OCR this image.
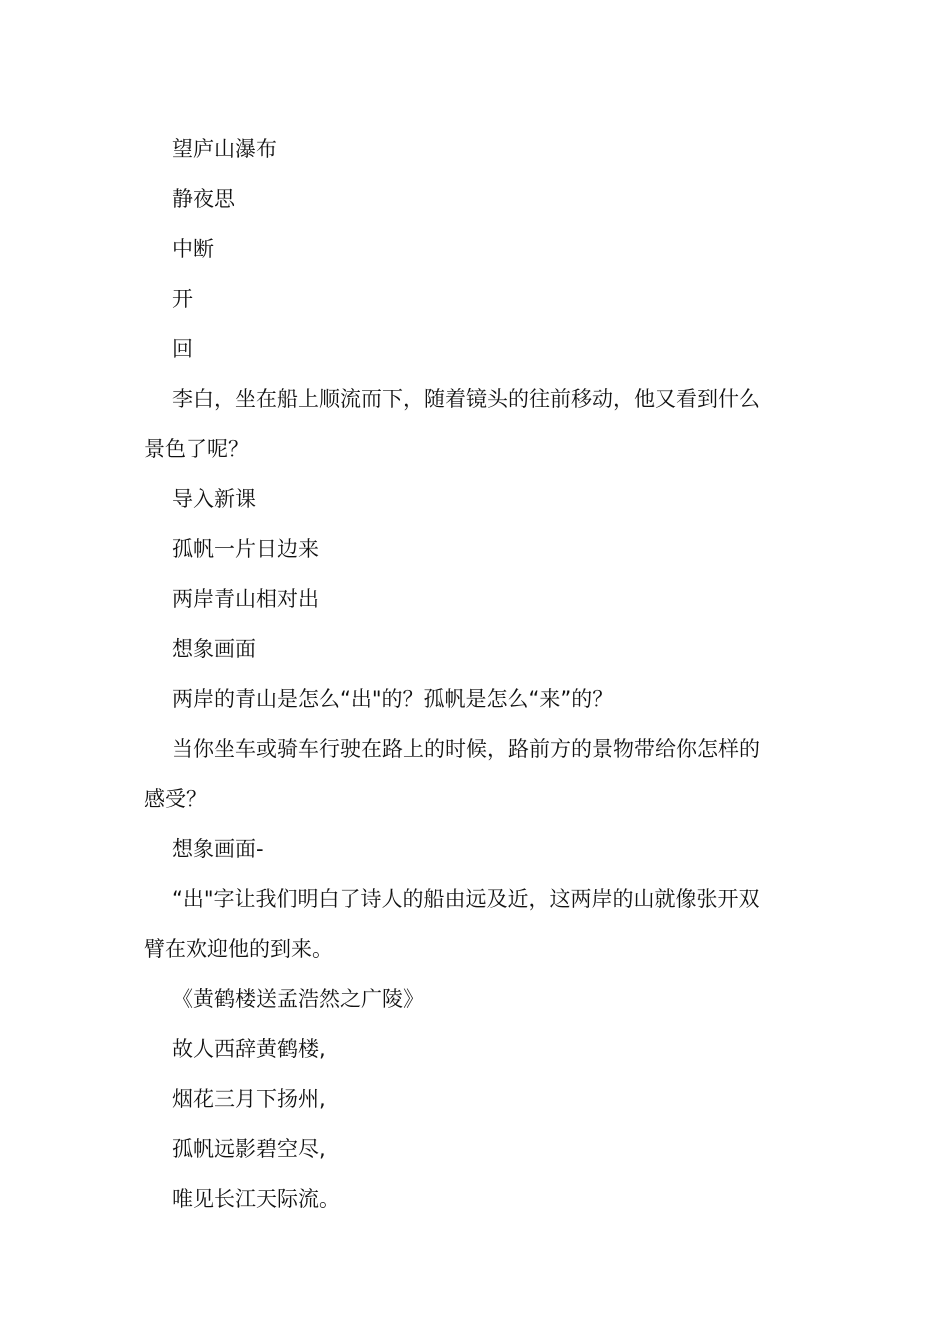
望庐山瀑布

静夜思

中断

开

回

李白，坐在船上顺流而下，随着镜头的往前移动，他又看到什么

景色了呢？

导入新课

孤帆一片日边来

两岸青山相对出

想象画面

两岸的青山是怎么“出"的？孤帆是怎么“来”的？

当你坐车或骑车行驶在路上的时候，路前方的景物带给你怎样的

感受？

想象画面-

“出"字让我们明白了诗人的船由远及近，这两岸的山就像张开双

臂在欢迎他的到来。

《黄鹤楼送孟浩然之广陵》

故人西辞黄鹤楼,

烟花三月下扬州,

孤帆远影碧空尽,

唯见长江天际流。
